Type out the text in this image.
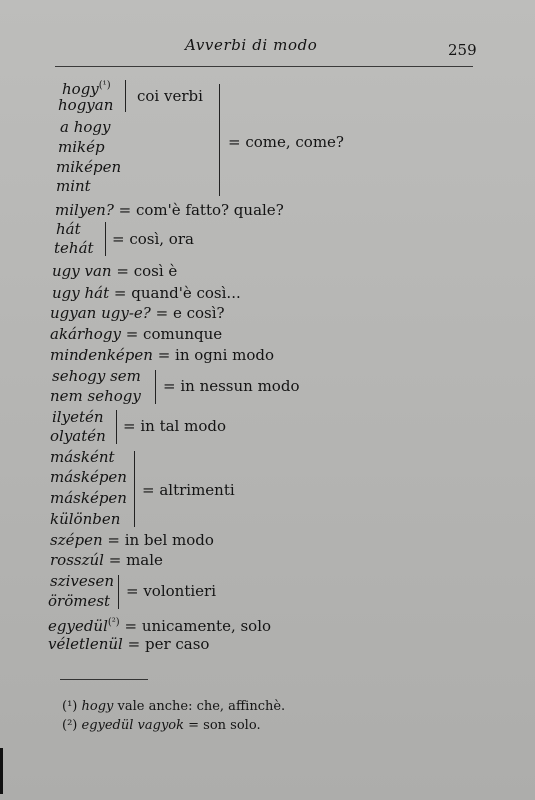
Avverbi di modo	259
hogy$^{(^1)}$
hogyan coi verbi
a hogy
mikép
miképen
mint
= come, come?
milyen? = com'è fatto? quale?
hát
tehát = così, ora
ugy van = così è
ugy hát = quand'è così...
ugyan ugy-e? = e così?
akárhogy = comunque
mindenképen = in ogni modo
sehogy sem
nem sehogy
= in nessun modo
ilyetén
olyatén
= in tal modo
másként
másképen
másképen
különben
= altrimenti
szépen = in bel modo
rosszúl = male
szivesen
örömest
= volontieri
egyedül$^{(^2)}$ = unicamente, solo
véletlenül = per caso
(¹) hogy vale anche: che, affinchè.
(²) egyedül vagyok = son solo.
